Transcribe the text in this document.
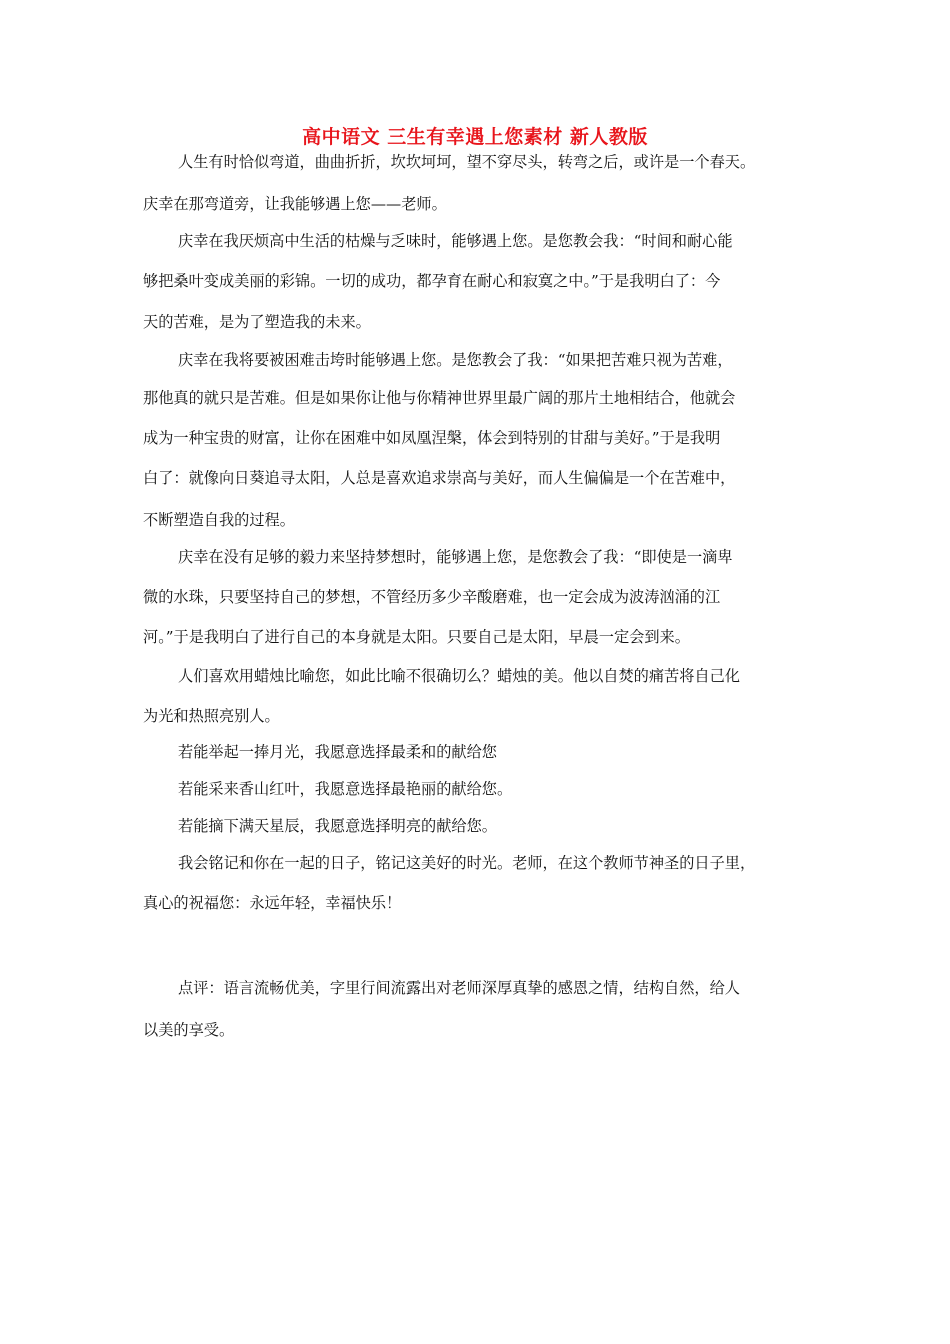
高中语文 三生有幸遇上您素材 新人教版
人生有时恰似弯道，曲曲折折，坎坎坷坷，望不穿尽头，转弯之后，或许是一个春天。
庆幸在那弯道旁，让我能够遇上您——老师。
庆幸在我厌烦高中生活的枯燥与乏味时，能够遇上您。是您教会我：“时间和耐心能
够把桑叶变成美丽的彩锦。一切的成功，都孕育在耐心和寂寞之中。”于是我明白了：今
天的苦难，是为了塑造我的未来。
庆幸在我将要被困难击垮时能够遇上您。是您教会了我：“如果把苦难只视为苦难，
那他真的就只是苦难。但是如果你让他与你精神世界里最广阔的那片土地相结合，他就会
成为一种宝贵的财富，让你在困难中如凤凰涅槃，体会到特别的甘甜与美好。”于是我明
白了：就像向日葵追寻太阳，人总是喜欢追求崇高与美好，而人生偏偏是一个在苦难中，
不断塑造自我的过程。
庆幸在没有足够的毅力来坚持梦想时，能够遇上您，是您教会了我：“即使是一滴卑
微的水珠，只要坚持自己的梦想，不管经历多少辛酸磨难，也一定会成为波涛汹涌的江
河。”于是我明白了进行自己的本身就是太阳。只要自己是太阳，早晨一定会到来。
人们喜欢用蜡烛比喻您，如此比喻不很确切么？蜡烛的美。他以自焚的痛苦将自己化
为光和热照亮别人。
若能举起一捧月光，我愿意选择最柔和的献给您
若能采来香山红叶，我愿意选择最艳丽的献给您。
若能摘下满天星辰，我愿意选择明亮的献给您。
我会铭记和你在一起的日子，铭记这美好的时光。老师，在这个教师节神圣的日子里，
真心的祝福您：永远年轻，幸福快乐！
点评：语言流畅优美，字里行间流露出对老师深厚真挚的感恩之情，结构自然，给人
以美的享受。
